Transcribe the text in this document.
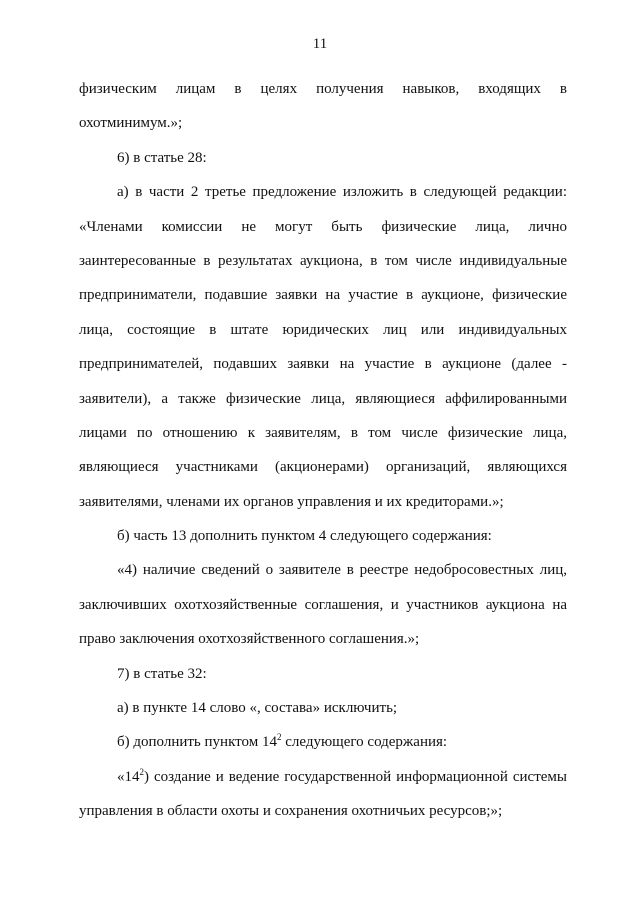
11
физическим лицам в целях получения навыков, входящих в
охотминимум.»;
6) в статье 28:
а) в части 2 третье предложение изложить в следующей редакции:
«Членами комиссии не могут быть физические лица, лично
заинтересованные в результатах аукциона, в том числе индивидуальные
предприниматели, подавшие заявки на участие в аукционе, физические
лица, состоящие в штате юридических лиц или индивидуальных
предпринимателей, подавших заявки на участие в аукционе (далее -
заявители), а также физические лица, являющиеся аффилированными
лицами по отношению к заявителям, в том числе физические лица,
являющиеся участниками (акционерами) организаций, являющихся
заявителями, членами их органов управления и их кредиторами.»;
б) часть 13 дополнить пунктом 4 следующего содержания:
«4) наличие сведений о заявителе в реестре недобросовестных лиц,
заключивших охотхозяйственные соглашения, и участников аукциона на
право заключения охотхозяйственного соглашения.»;
7) в статье 32:
а) в пункте 14 слово «, состава» исключить;
б) дополнить пунктом $14^2$ следующего содержания:
«$14^2$) создание и ведение государственной информационной системы
управления в области охоты и сохранения охотничьих ресурсов;»;
